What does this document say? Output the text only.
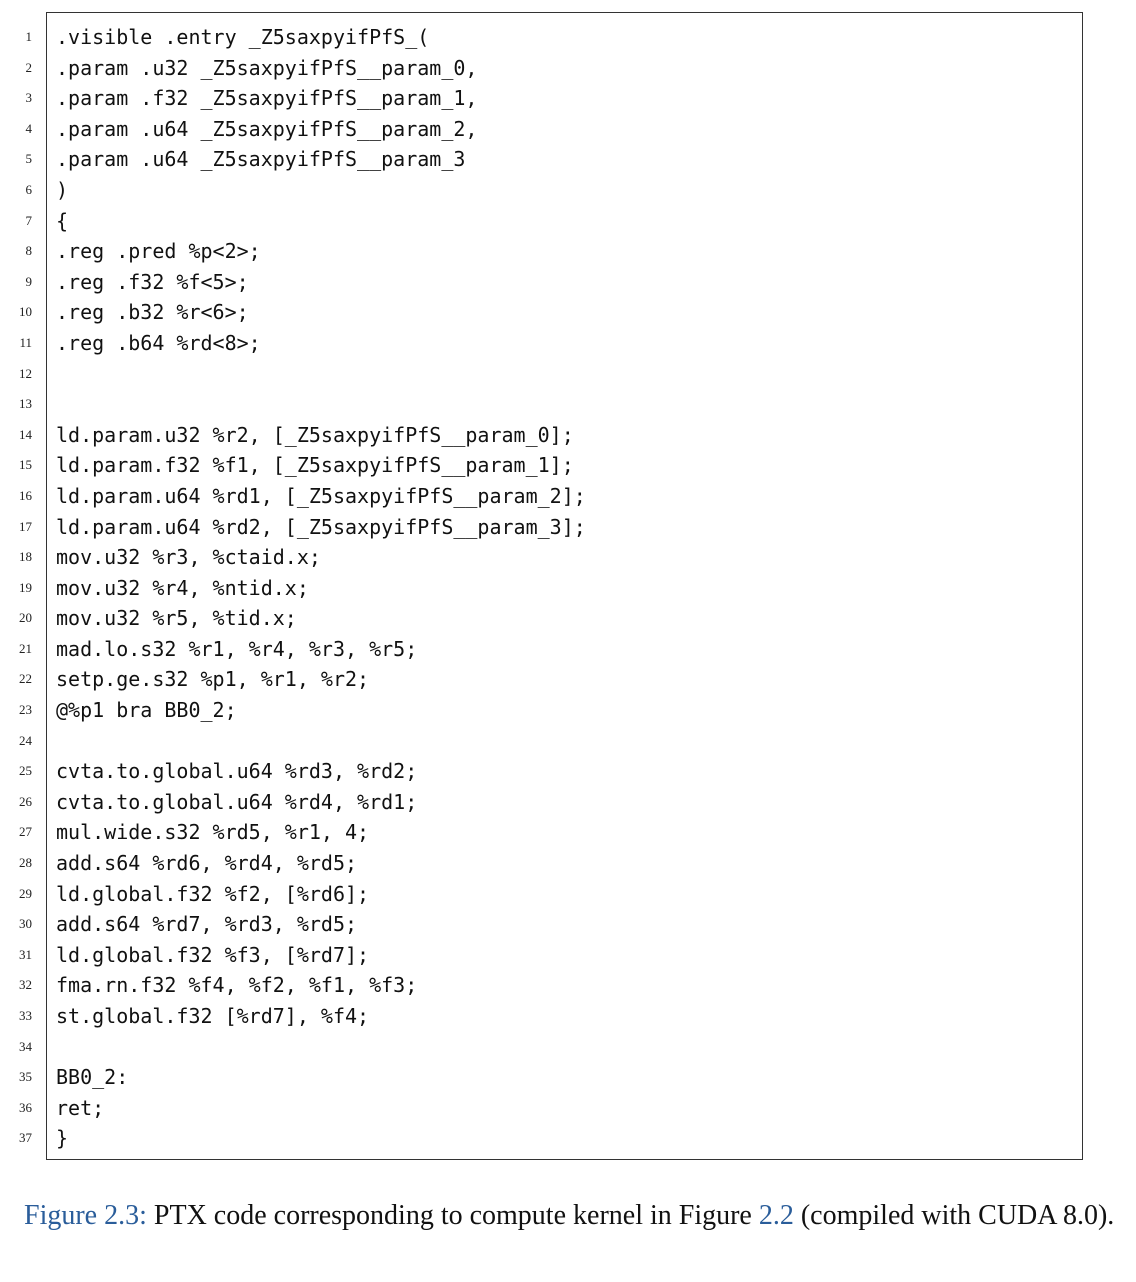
1
2
3
4
5
6
7
8
9
10
11
12
13
14
15
16
17
18
19
20
21
22
23
24
25
26
27
28
29
30
31
32
33
34
35
36
37
.visible .entry _Z5saxpyifPfS_(
.param .u32 _Z5saxpyifPfS__param_0,
.param .f32 _Z5saxpyifPfS__param_1,
.param .u64 _Z5saxpyifPfS__param_2,
.param .u64 _Z5saxpyifPfS__param_3
)
{
.reg .pred %p<2>;
.reg .f32 %f<5>;
.reg .b32 %r<6>;
.reg .b64 %rd<8>;
ld.param.u32 %r2, [_Z5saxpyifPfS__param_0];
ld.param.f32 %f1, [_Z5saxpyifPfS__param_1];
ld.param.u64 %rd1, [_Z5saxpyifPfS__param_2];
ld.param.u64 %rd2, [_Z5saxpyifPfS__param_3];
mov.u32 %r3, %ctaid.x;
mov.u32 %r4, %ntid.x;
mov.u32 %r5, %tid.x;
mad.lo.s32 %r1, %r4, %r3, %r5;
setp.ge.s32 %p1, %r1, %r2;
@%p1 bra BB0_2;
cvta.to.global.u64 %rd3, %rd2;
cvta.to.global.u64 %rd4, %rd1;
mul.wide.s32 %rd5, %r1, 4;
add.s64 %rd6, %rd4, %rd5;
ld.global.f32 %f2, [%rd6];
add.s64 %rd7, %rd3, %rd5;
ld.global.f32 %f3, [%rd7];
fma.rn.f32 %f4, %f2, %f1, %f3;
st.global.f32 [%rd7], %f4;
BB0_2:
ret;
}
Figure 2.3: PTX code corresponding to compute kernel in Figure 2.2 (compiled with CUDA 8.0).
